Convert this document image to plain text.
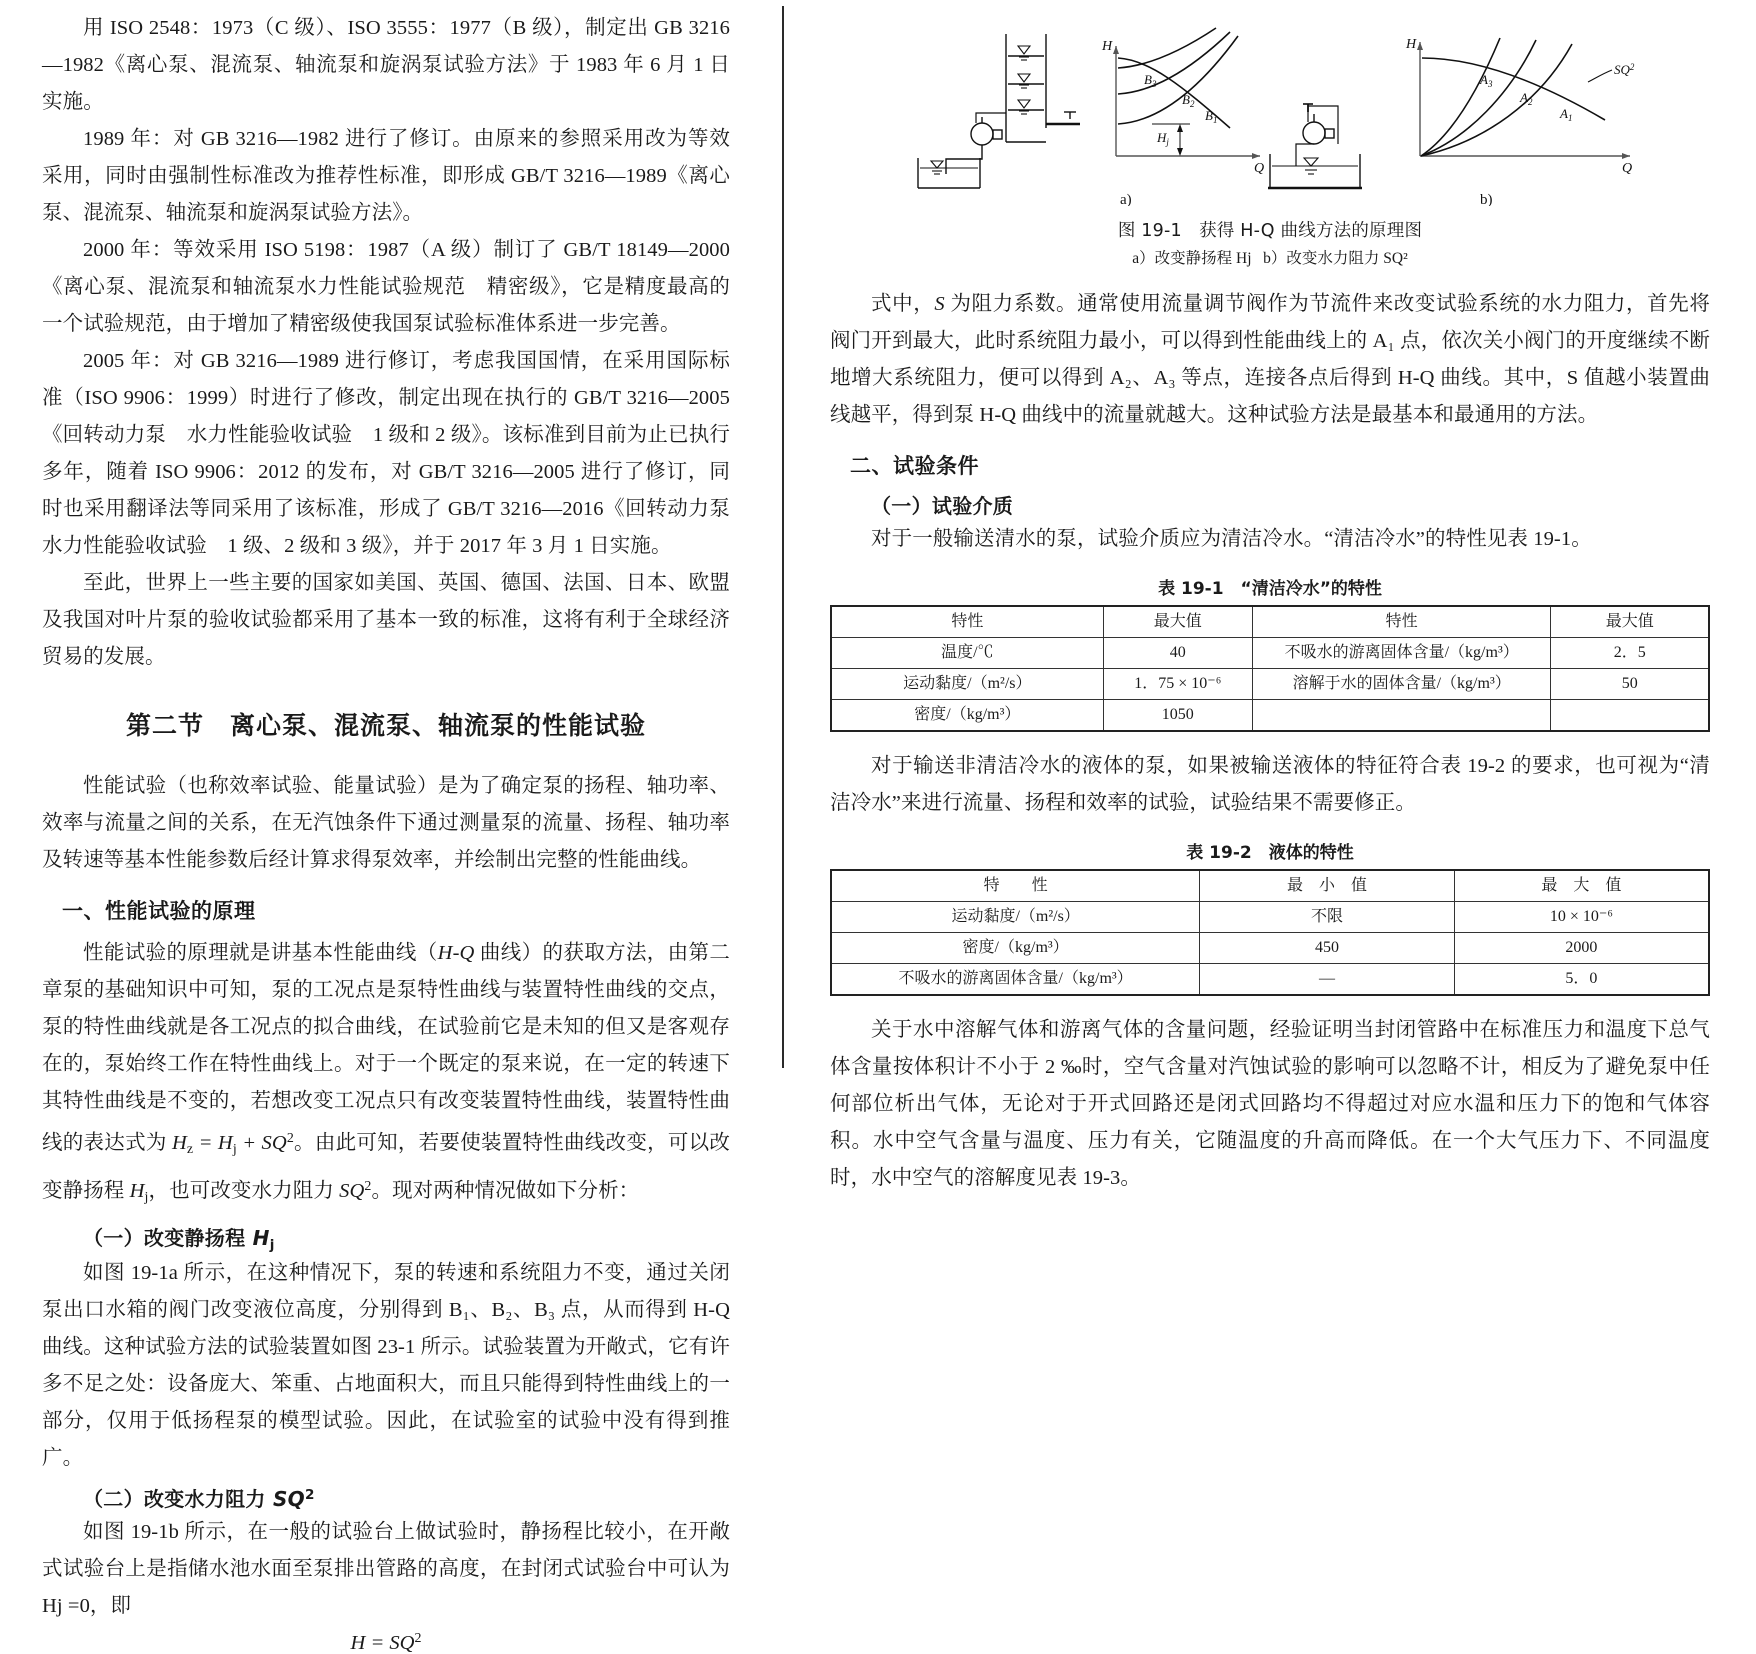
用 ISO 2548：1973（C 级）、ISO 3555：1977（B 级），制定出 GB 3216—1982《离心泵、混流泵、轴流泵和旋涡泵试验方法》于 1983 年 6 月 1 日实施。

1989 年：对 GB 3216—1982 进行了修订。由原来的参照采用改为等效采用，同时由强制性标准改为推荐性标准，即形成 GB/T 3216—1989《离心泵、混流泵、轴流泵和旋涡泵试验方法》。

2000 年：等效采用 ISO 5198：1987（A 级）制订了 GB/T 18149—2000《离心泵、混流泵和轴流泵水力性能试验规范　精密级》，它是精度最高的一个试验规范，由于增加了精密级使我国泵试验标准体系进一步完善。

2005 年：对 GB 3216—1989 进行修订，考虑我国国情，在采用国际标准（ISO 9906：1999）时进行了修改，制定出现在执行的 GB/T 3216—2005《回转动力泵　水力性能验收试验　1 级和 2 级》。该标准到目前为止已执行多年，随着 ISO 9906：2012 的发布，对 GB/T 3216—2005 进行了修订，同时也采用翻译法等同采用了该标准，形成了 GB/T 3216—2016《回转动力泵　水力性能验收试验　1 级、2 级和 3 级》，并于 2017 年 3 月 1 日实施。

至此，世界上一些主要的国家如美国、英国、德国、法国、日本、欧盟及我国对叶片泵的验收试验都采用了基本一致的标准，这将有利于全球经济贸易的发展。

第二节　离心泵、混流泵、轴流泵的性能试验

性能试验（也称效率试验、能量试验）是为了确定泵的扬程、轴功率、效率与流量之间的关系，在无汽蚀条件下通过测量泵的流量、扬程、轴功率及转速等基本性能参数后经计算求得泵效率，并绘制出完整的性能曲线。

一、性能试验的原理

性能试验的原理就是讲基本性能曲线（H-Q 曲线）的获取方法，由第二章泵的基础知识中可知，泵的工况点是泵特性曲线与装置特性曲线的交点，泵的特性曲线就是各工况点的拟合曲线，在试验前它是未知的但又是客观存在的，泵始终工作在特性曲线上。对于一个既定的泵来说，在一定的转速下其特性曲线是不变的，若想改变工况点只有改变装置特性曲线，装置特性曲线的表达式为 $H_z = H_j + SQ^2$。由此可知，若要使装置特性曲线改变，可以改变静扬程 $H_j$，也可改变水力阻力 $SQ^2$。现对两种情况做如下分析：

（一）改变静扬程 $H_j$

如图 19-1a 所示，在这种情况下，泵的转速和系统阻力不变，通过关闭泵出口水箱的阀门改变液位高度，分别得到 B₁、B₂、B₃ 点，从而得到 H-Q 曲线。这种试验方法的试验装置如图 23-1 所示。试验装置为开敞式，它有许多不足之处：设备庞大、笨重、占地面积大，而且只能得到特性曲线上的一部分，仅用于低扬程泵的模型试验。因此，在试验室的试验中没有得到推广。

（二）改变水力阻力 $SQ^2$

如图 19-1b 所示，在一般的试验台上做试验时，静扬程比较小，在开敞式试验台上是指储水池水面至泵排出管路的高度，在封闭式试验台中可认为 Hj =0，即

$H = SQ^2$
H
Q
$H_j$
$B_3$
$B_2$
$B_1$
H
Q
$A_3$
$A_2$
$A_1$
$SQ^2$
a)	b)
图 19-1 获得 H-Q 曲线方法的原理图
a）改变静扬程 Hj b）改变水力阻力 SQ²

式中，S 为阻力系数。通常使用流量调节阀作为节流件来改变试验系统的水力阻力，首先将阀门开到最大，此时系统阻力最小，可以得到性能曲线上的 A₁ 点，依次关小阀门的开度继续不断地增大系统阻力，便可以得到 A₂、A₃ 等点，连接各点后得到 H-Q 曲线。其中，S 值越小装置曲线越平，得到泵 H-Q 曲线中的流量就越大。这种试验方法是最基本和最通用的方法。

二、试验条件
（一）试验介质

对于一般输送清水的泵，试验介质应为清洁冷水。“清洁冷水”的特性见表 19-1。

表 19-1　“清洁冷水”的特性
特性	最大值	特性	最大值
温度/℃	40	不吸水的游离固体含量/（kg/m³）	2．5
运动黏度/（m²/s）	1．75 × 10⁻⁶	溶解于水的固体含量/（kg/m³）	50
密度/（kg/m³）	1050		

对于输送非清洁冷水的液体的泵，如果被输送液体的特征符合表 19-2 的要求，也可视为“清洁冷水”来进行流量、扬程和效率的试验，试验结果不需要修正。

表 19-2　液体的特性
特　　性	最　小　值	最　大　值
运动黏度/（m²/s）	不限	10 × 10⁻⁶
密度/（kg/m³）	450	2000
不吸水的游离固体含量/（kg/m³）	—	5．0

关于水中溶解气体和游离气体的含量问题，经验证明当封闭管路中在标准压力和温度下总气体含量按体积计不小于 2 ‰时，空气含量对汽蚀试验的影响可以忽略不计，相反为了避免泵中任何部位析出气体，无论对于开式回路还是闭式回路均不得超过对应水温和压力下的饱和气体容积。水中空气含量与温度、压力有关，它随温度的升高而降低。在一个大气压力下、不同温度时，水中空气的溶解度见表 19-3。
